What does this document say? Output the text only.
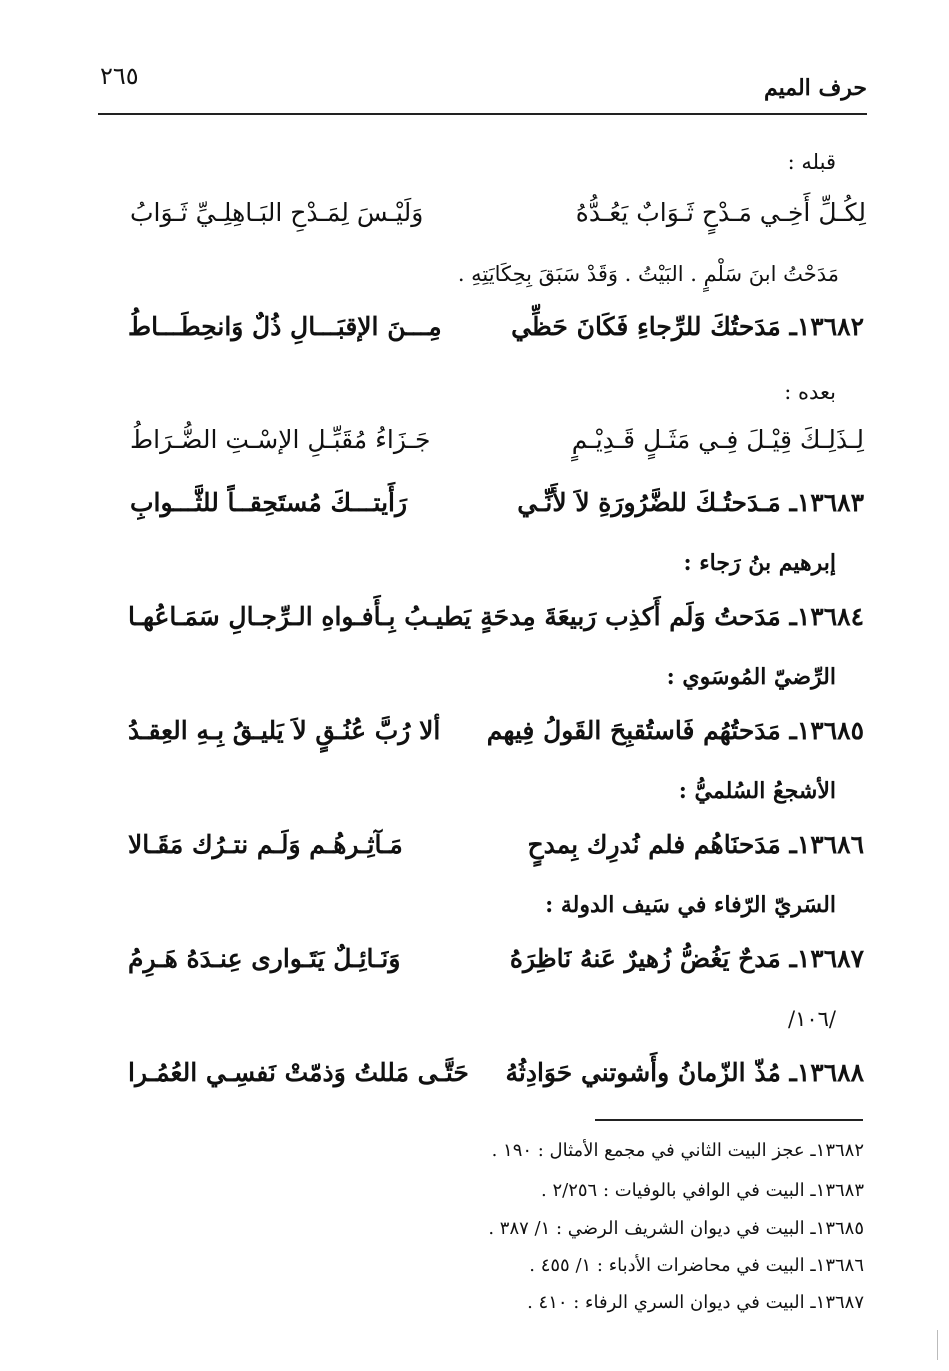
٢٦٥	حرف الميم
قبله :
لِكُـلِّ أَخِـي مَـدْحٍ ثَـوَابٌ يَعُـدُّهُ
وَلَيْـسَ لِمَـدْحِ البَـاهِلِـيِّ ثَـوَابُ
مَدَحْتُ ابنَ سَلْمٍ . البَيْتُ . وَقَدْ سَبَقَ بِحِكَايَتِهِ .
١٣٦٨٢ـ مَدَحتُكَ للرِّجاءِ فَكَانَ حَظِّي
مِـــنَ الإقبَـــالِ ذُلٌ وَانحِطَـــاطُ
بعده :
لِـذَلِـكَ قِيْـلَ فِـي مَثَـلٍ قَـدِيْـمٍ
جَـزَاءُ مُقَبِّـلِ الإسْـتِ الضُّـرَاطُ
١٣٦٨٣ـ مَـدَحتُـكَ للضَّرُورَةِ لاَ لأَنِّـي
رَأَيتـــكَ مُستَحِقــاً للثَّـــوابِ
إبرهيم بنُ رَجاء :
١٣٦٨٤ـ مَدَحتُ وَلَم أَكذِب رَبيعَةَ مِدحَةٍ
يَطيـبُ بِـأَفـواهِ الـرِّجـالِ سَمَـاعُهـا
الرِّضيّ المُوسَوي :
١٣٦٨٥ـ مَدَحتُهُم فَاستُقبِحَ القَولُ فِيهم
ألا رُبَّ عُنُـقٍ لاَ يَليـقُ بِـهِ العِقـدُ
الأشجعُ السُلميُّ :
١٣٦٨٦ـ مَدَحنَاهُم فلم نُدرِك بِمدحٍ
مَـآثِـرهُـم وَلَـم نتـرُك مَقَـالا
السَريّ الرّفاء في سَيف الدولة :
١٣٦٨٧ـ مَدحٌ يَغُضُّ زُهيرٌ عَنهُ نَاظِرَهُ
وَنَـائِـلٌ يَتَـوارى عِنـدَهُ هَـرِمُ
/١٠٦/
١٣٦٨٨ـ مُذّ الزّمانُ وأَشوتني حَوَادِثُهُ
حَتَّـى مَللتُ وَذمّتْ نَفسِـي العُمُـرا
١٣٦٨٢ـ عجز البيت الثاني في مجمع الأمثال : ١٩٠ .
١٣٦٨٣ـ البيت في الوافي بالوفيات : ٢/٢٥٦ .
١٣٦٨٥ـ البيت في ديوان الشريف الرضي : ١/ ٣٨٧ .
١٣٦٨٦ـ البيت في محاضرات الأدباء : ١/ ٤٥٥ .
١٣٦٨٧ـ البيت في ديوان السري الرفاء : ٤١٠ .
